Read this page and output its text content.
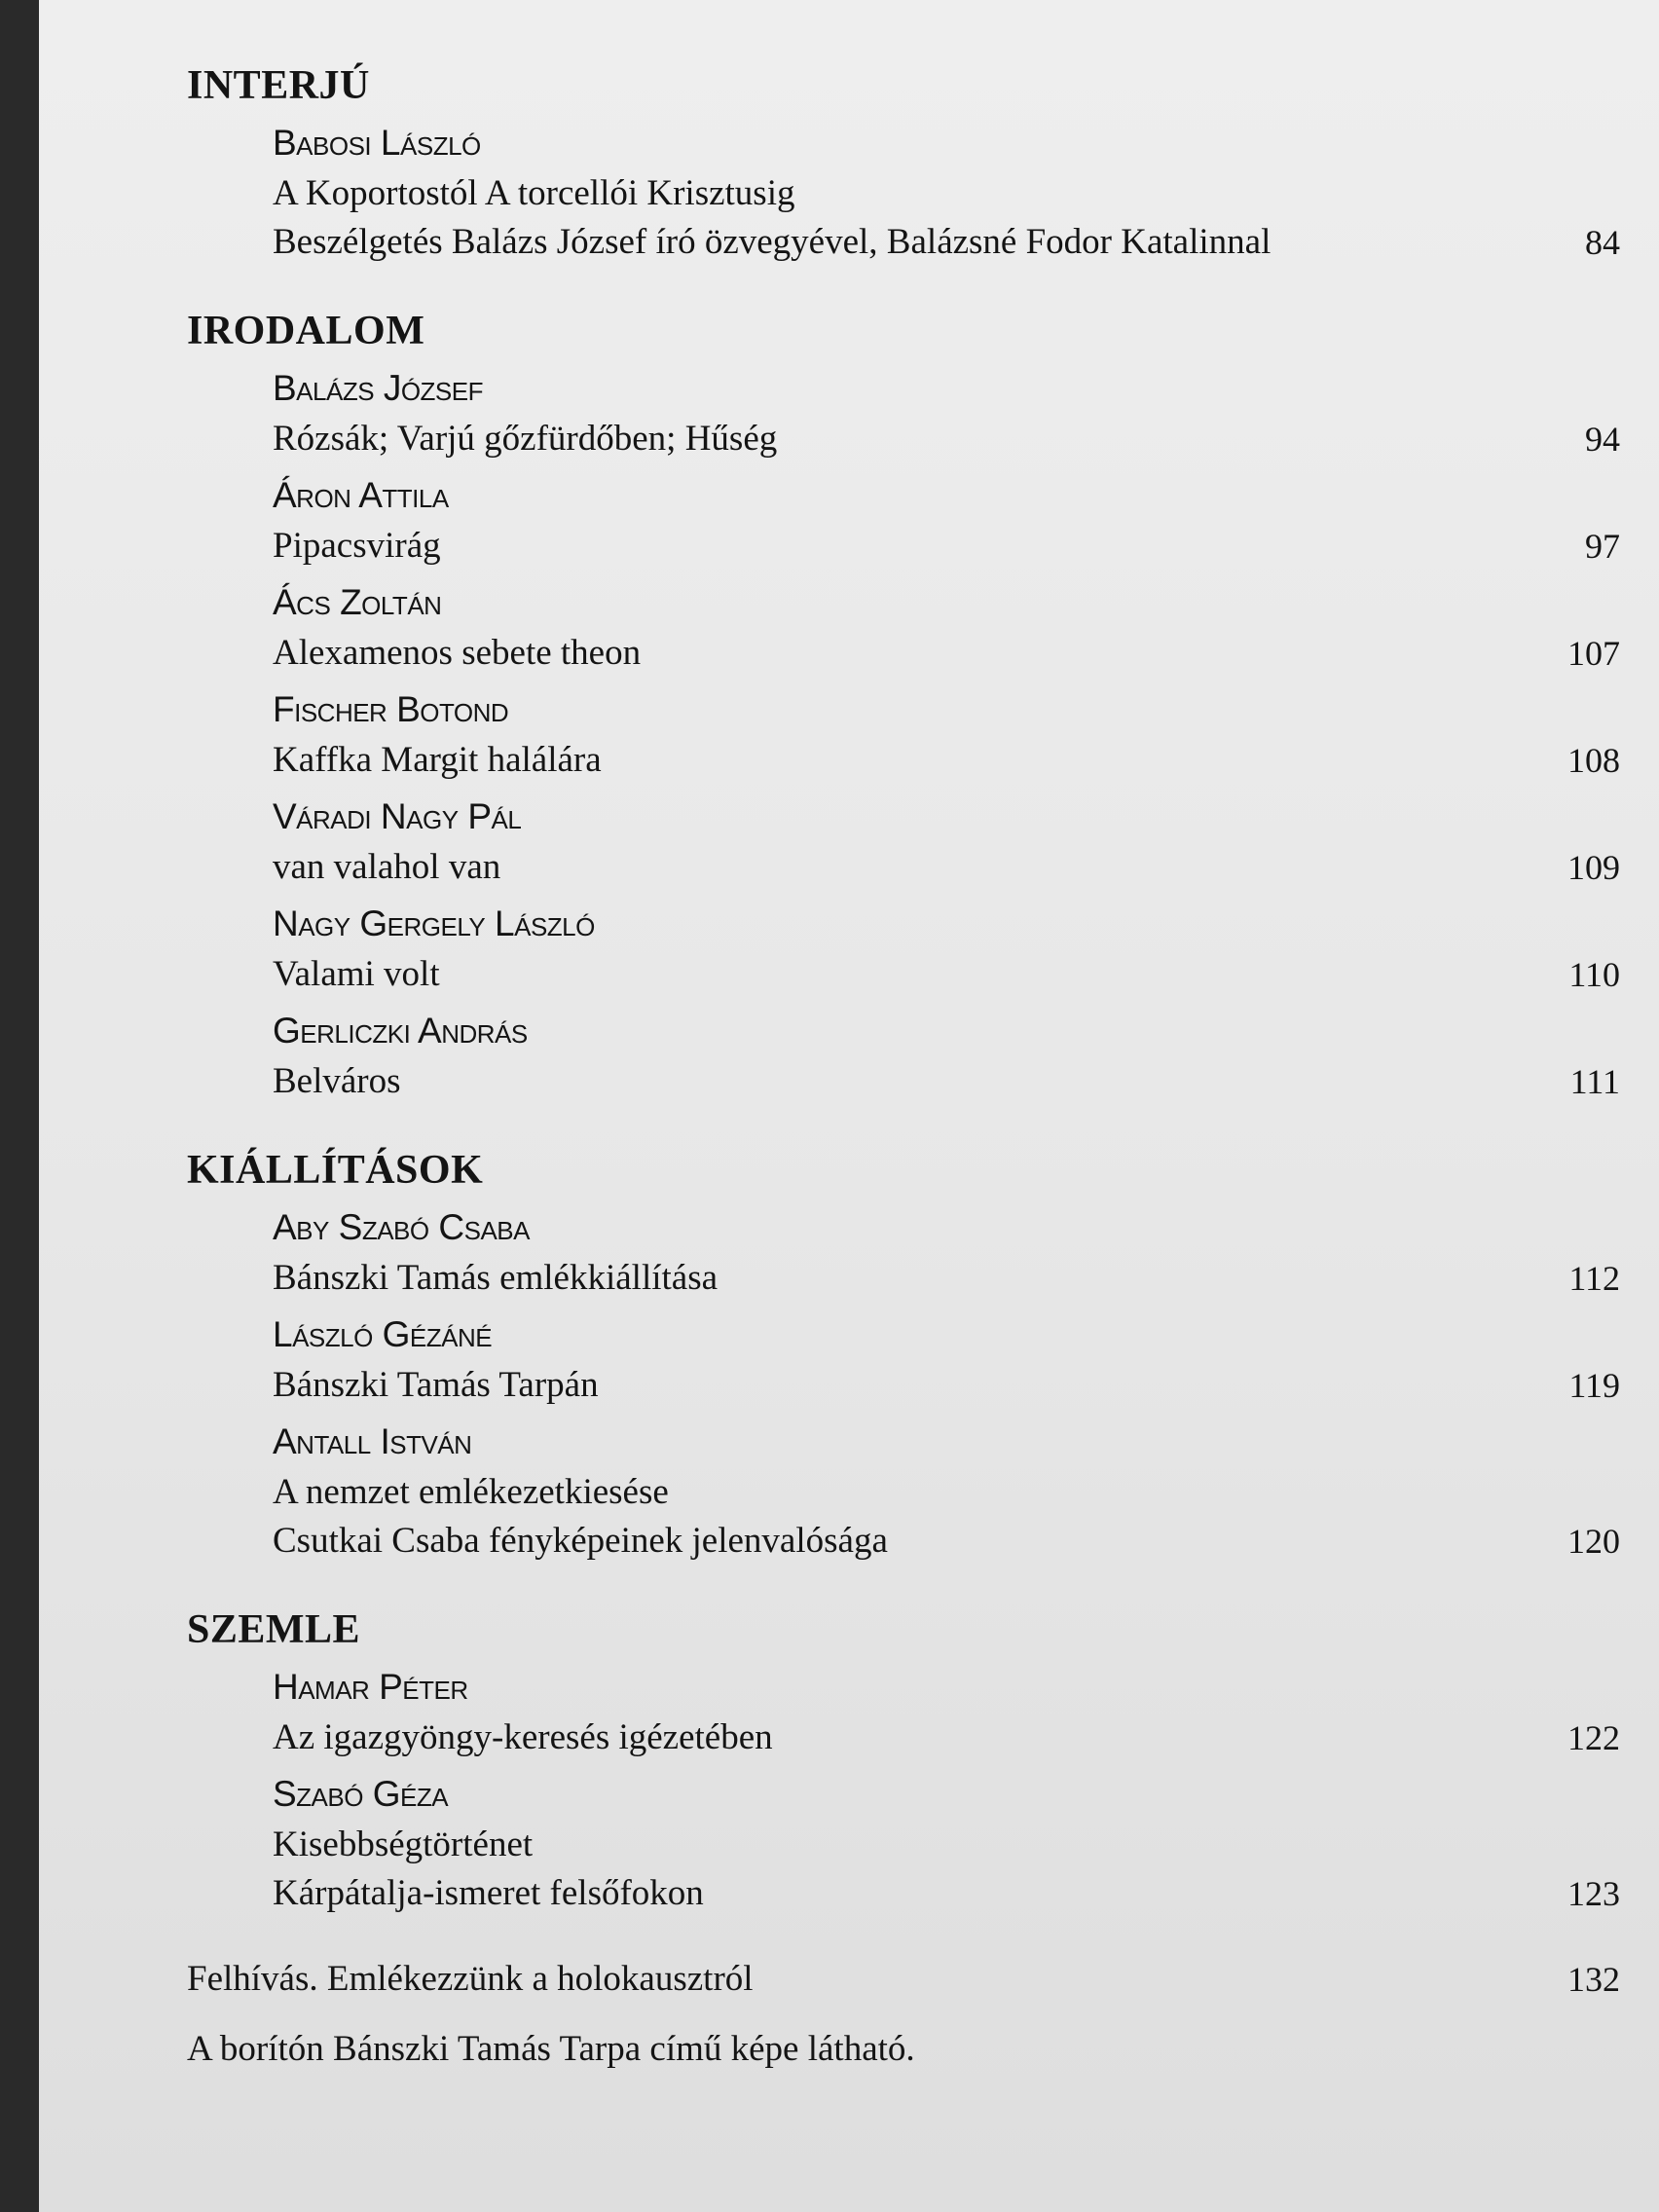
INTERJÚ
Babosi László
A Koportostól A torcellói Krisztusig
Beszélgetés Balázs József író özvegyével, Balázsné Fodor Katalinnal	84
IRODALOM
Balázs József
Rózsák; Varjú gőzfürdőben; Hűség	94
Áron Attila
Pipacsvirág	97
Ács Zoltán
Alexamenos sebete theon	107
Fischer Botond
Kaffka Margit halálára	108
Váradi Nagy Pál
van valahol van	109
Nagy Gergely László
Valami volt	110
Gerliczki András
Belváros	111
KIÁLLÍTÁSOK
Aby Szabó Csaba
Bánszki Tamás emlékkiállítása	112
László Gézáné
Bánszki Tamás Tarpán	119
Antall István
A nemzet emlékezetkiesése
Csutkai Csaba fényképeinek jelenvalósága	120
SZEMLE
Hamar Péter
Az igazgyöngy-keresés igézetében	122
Szabó Géza
Kisebbségtörténet
Kárpátalja-ismeret felsőfokon	123
Felhívás. Emlékezzünk a holokausztról	132
A borítón Bánszki Tamás Tarpa című képe látható.
